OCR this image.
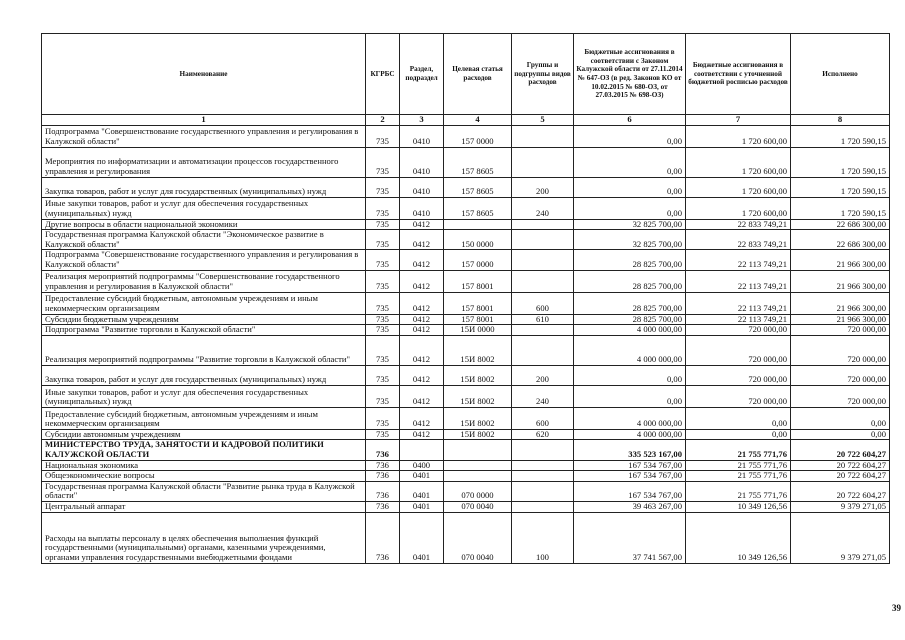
Наименование	КГРБС	Раздел, подраздел	Целевая статья расходов	Группы и подгруппы видов расходов	Бюджетные ассигнования в соответствии с Законом Калужской области от 27.11.2014 № 647-ОЗ (в ред. Законов КО от 10.02.2015 № 680-ОЗ, от 27.03.2015 № 698-ОЗ)	Бюджетные ассигнования в соответствии с уточненной бюджетной росписью расходов	Исполнено
1	2	3	4	5	6	7	8
Подпрограмма "Совершенствование государственного управления и регулирования в Калужской области"	735	0410	157 0000		0,00	1 720 600,00	1 720 590,15
Мероприятия по информатизации и автоматизации процессов государственного управления и регулирования	735	0410	157 8605		0,00	1 720 600,00	1 720 590,15
Закупка товаров, работ и услуг для государственных (муниципальных) нужд	735	0410	157 8605	200	0,00	1 720 600,00	1 720 590,15
Иные закупки товаров, работ и услуг для обеспечения государственных (муниципальных) нужд	735	0410	157 8605	240	0,00	1 720 600,00	1 720 590,15
Другие вопросы в области национальной экономики	735	0412			32 825 700,00	22 833 749,21	22 686 300,00
Государственная программа Калужской области "Экономическое развитие в Калужской области"	735	0412	150 0000		32 825 700,00	22 833 749,21	22 686 300,00
Подпрограмма "Совершенствование государственного управления и регулирования в Калужской области"	735	0412	157 0000		28 825 700,00	22 113 749,21	21 966 300,00
Реализация мероприятий подпрограммы "Совершенствование государственного управления и регулирования в Калужской области"	735	0412	157 8001		28 825 700,00	22 113 749,21	21 966 300,00
Предоставление субсидий бюджетным, автономным учреждениям и иным некоммерческим организациям	735	0412	157 8001	600	28 825 700,00	22 113 749,21	21 966 300,00
Субсидии бюджетным учреждениям	735	0412	157 8001	610	28 825 700,00	22 113 749,21	21 966 300,00
Подпрограмма "Развитие торговли в Калужской области"	735	0412	15И 0000		4 000 000,00	720 000,00	720 000,00
Реализация мероприятий подпрограммы "Развитие торговли в Калужской области"	735	0412	15И 8002		4 000 000,00	720 000,00	720 000,00
Закупка товаров, работ и услуг для государственных (муниципальных) нужд	735	0412	15И 8002	200	0,00	720 000,00	720 000,00
Иные закупки товаров, работ и услуг для обеспечения государственных (муниципальных) нужд	735	0412	15И 8002	240	0,00	720 000,00	720 000,00
Предоставление субсидий бюджетным, автономным учреждениям и иным некоммерческим организациям	735	0412	15И 8002	600	4 000 000,00	0,00	0,00
Субсидии автономным учреждениям	735	0412	15И 8002	620	4 000 000,00	0,00	0,00
МИНИСТЕРСТВО ТРУДА, ЗАНЯТОСТИ И КАДРОВОЙ ПОЛИТИКИ КАЛУЖСКОЙ ОБЛАСТИ	736				335 523 167,00	21 755 771,76	20 722 604,27
Национальная экономика	736	0400			167 534 767,00	21 755 771,76	20 722 604,27
Общеэкономические вопросы	736	0401			167 534 767,00	21 755 771,76	20 722 604,27
Государственная программа Калужской области "Развитие рынка труда в Калужской области"	736	0401	070 0000		167 534 767,00	21 755 771,76	20 722 604,27
Центральный аппарат	736	0401	070 0040		39 463 267,00	10 349 126,56	9 379 271,05
Расходы на выплаты персоналу в целях обеспечения выполнения функций государственными (муниципальными) органами, казенными учреждениями, органами управления государственными внебюджетными фондами	736	0401	070 0040	100	37 741 567,00	10 349 126,56	9 379 271,05
39
